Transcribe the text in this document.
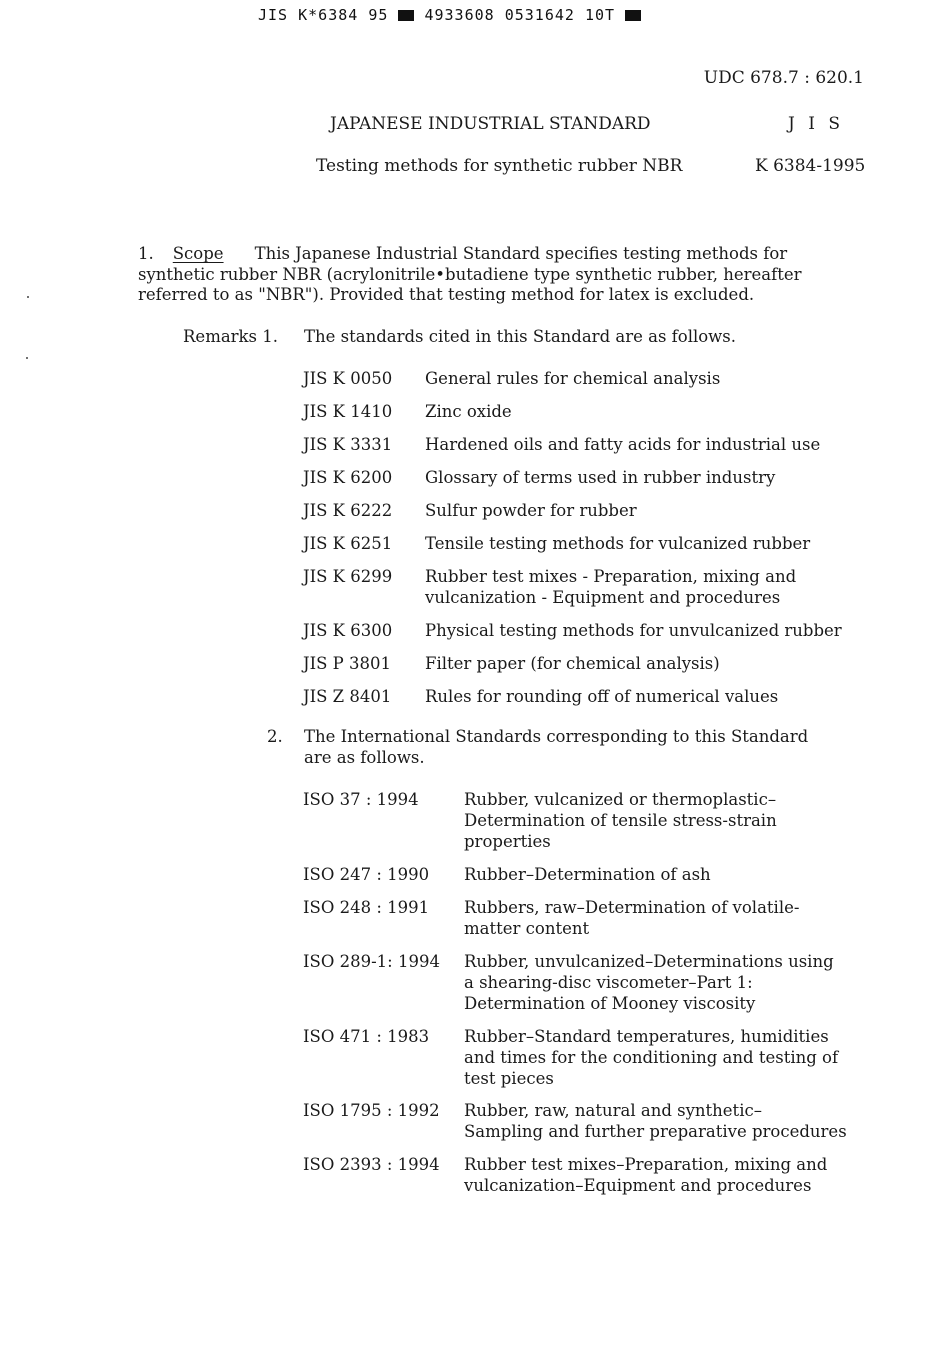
JIS K*6384 95 4933608 0531642 10T
UDC 678.7 : 620.1
JAPANESE INDUSTRIAL STANDARD	J I S
Testing methods for synthetic rubber NBR	K 6384-1995
1. Scope This Japanese Industrial Standard specifies testing methods for
synthetic rubber NBR (acrylonitrile•butadiene type synthetic rubber, hereafter
referred to as "NBR"). Provided that testing method for latex is excluded.
Remarks 1. The standards cited in this Standard are as follows.
JIS K 0050 General rules for chemical analysis
JIS K 1410 Zinc oxide
JIS K 3331 Hardened oils and fatty acids for industrial use
JIS K 6200 Glossary of terms used in rubber industry
JIS K 6222 Sulfur powder for rubber
JIS K 6251 Tensile testing methods for vulcanized rubber
JIS K 6299 Rubber test mixes - Preparation, mixing and
vulcanization - Equipment and procedures
JIS K 6300 Physical testing methods for unvulcanized rubber
JIS P 3801 Filter paper (for chemical analysis)
JIS Z 8401 Rules for rounding off of numerical values
2. The International Standards corresponding to this Standard
are as follows.
ISO 37 : 1994	Rubber, vulcanized or thermoplastic–
Determination of tensile stress-strain
properties
ISO 247 : 1990 Rubber–Determination of ash
ISO 248 : 1991 Rubbers, raw–Determination of volatile-
matter content
ISO 289-1: 1994 Rubber, unvulcanized–Determinations using
a shearing-disc viscometer–Part 1:
Determination of Mooney viscosity
ISO 471 : 1983 Rubber–Standard temperatures, humidities
and times for the conditioning and testing of
test pieces
ISO 1795 : 1992 Rubber, raw, natural and synthetic–
Sampling and further preparative procedures
ISO 2393 : 1994 Rubber test mixes–Preparation, mixing and
vulcanization–Equipment and procedures
